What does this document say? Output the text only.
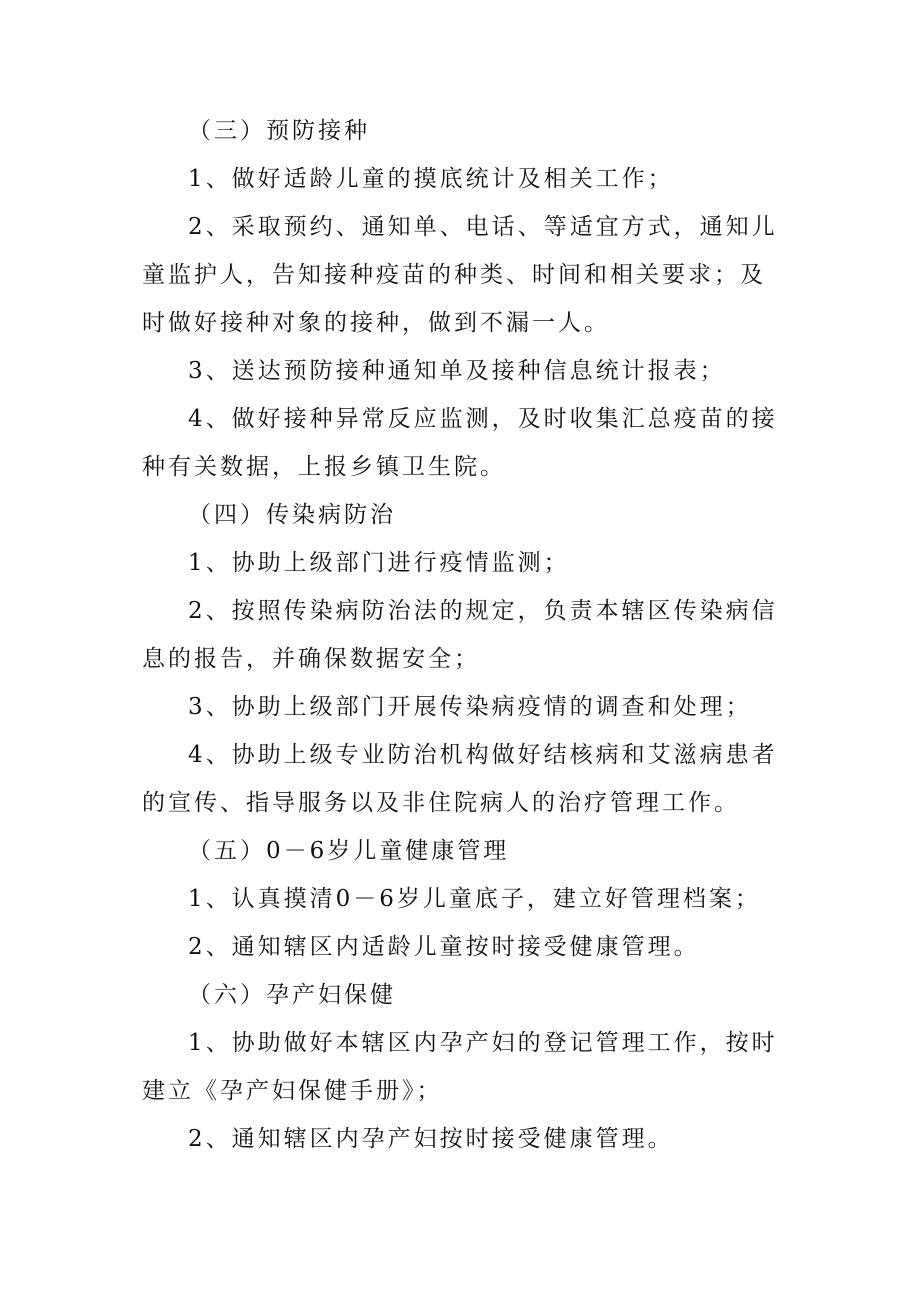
（三）预防接种

1、做好适龄儿童的摸底统计及相关工作；

2、采取预约、通知单、电话、等适宜方式，通知儿童监护人，告知接种疫苗的种类、时间和相关要求；及时做好接种对象的接种，做到不漏一人。

3、送达预防接种通知单及接种信息统计报表；

4、做好接种异常反应监测，及时收集汇总疫苗的接种有关数据，上报乡镇卫生院。

（四）传染病防治

1、协助上级部门进行疫情监测；

2、按照传染病防治法的规定，负责本辖区传染病信息的报告，并确保数据安全；

3、协助上级部门开展传染病疫情的调查和处理；

4、协助上级专业防治机构做好结核病和艾滋病患者的宣传、指导服务以及非住院病人的治疗管理工作。

（五）0－6岁儿童健康管理

1、认真摸清0－6岁儿童底子，建立好管理档案；

2、通知辖区内适龄儿童按时接受健康管理。

（六）孕产妇保健

1、协助做好本辖区内孕产妇的登记管理工作，按时建立《孕产妇保健手册》；

2、通知辖区内孕产妇按时接受健康管理。
